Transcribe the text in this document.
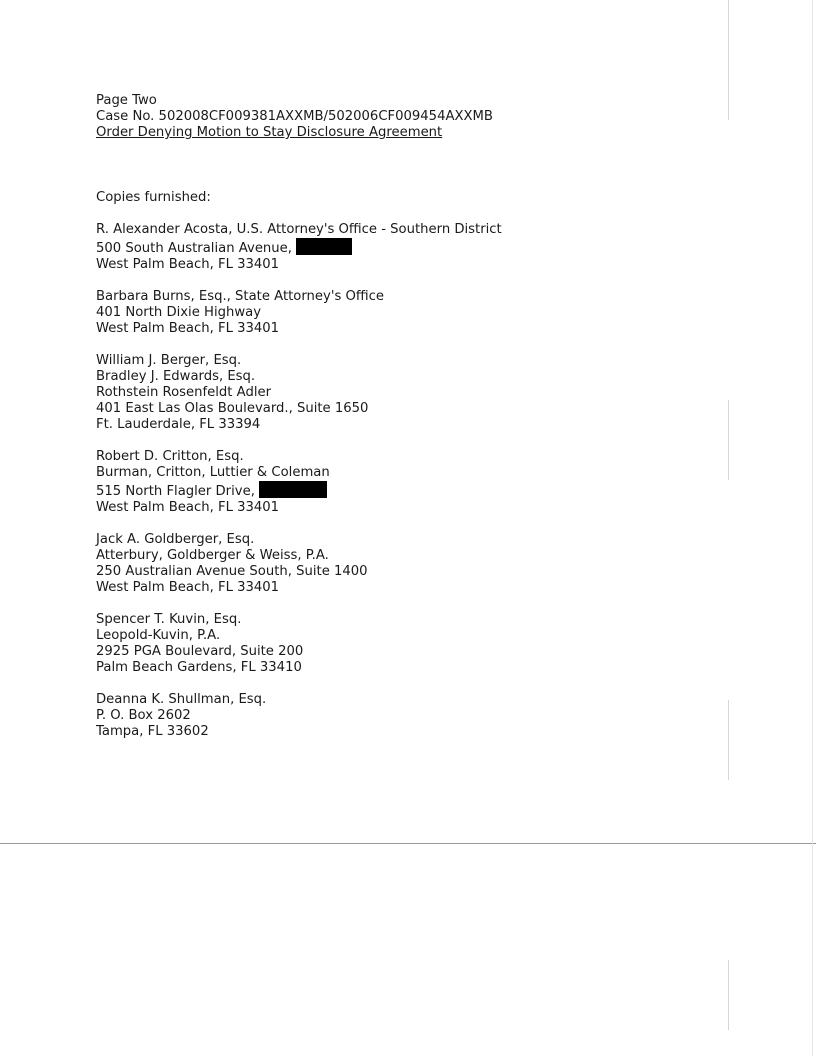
Page Two
Case No. 502008CF009381AXXMB/502006CF009454AXXMB
Order Denying Motion to Stay Disclosure Agreement
Copies furnished:
R. Alexander Acosta, U.S. Attorney's Office - Southern District
500 South Australian Avenue,
West Palm Beach, FL 33401
Barbara Burns, Esq., State Attorney's Office
401 North Dixie Highway
West Palm Beach, FL 33401
William J. Berger, Esq.
Bradley J. Edwards, Esq.
Rothstein Rosenfeldt Adler
401 East Las Olas Boulevard., Suite 1650
Ft. Lauderdale, FL 33394
Robert D. Critton, Esq.
Burman, Critton, Luttier & Coleman
515 North Flagler Drive,
West Palm Beach, FL 33401
Jack A. Goldberger, Esq.
Atterbury, Goldberger & Weiss, P.A.
250 Australian Avenue South, Suite 1400
West Palm Beach, FL 33401
Spencer T. Kuvin, Esq.
Leopold-Kuvin, P.A.
2925 PGA Boulevard, Suite 200
Palm Beach Gardens, FL 33410
Deanna K. Shullman, Esq.
P. O. Box 2602
Tampa, FL 33602
